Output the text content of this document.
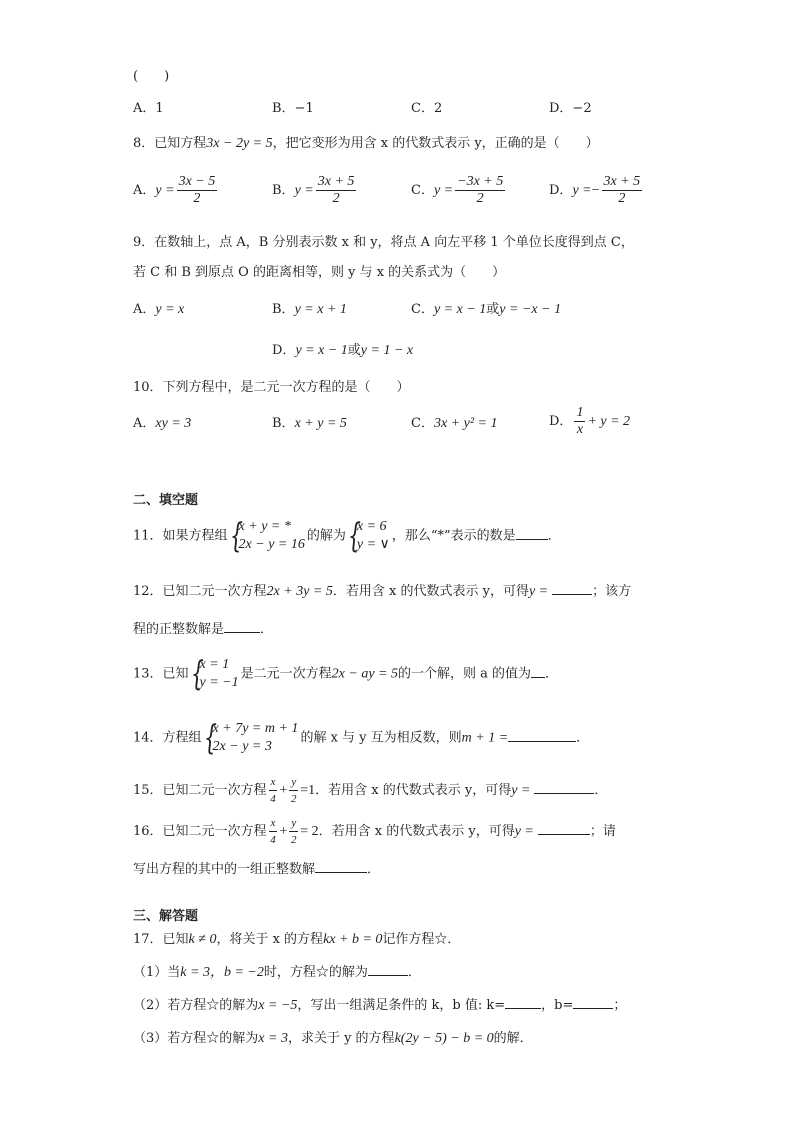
(　　)
A．1	B．−1	C．2	D．−2
8．已知方程3x − 2y = 5，把它变形为用含 x 的代数式表示 y，正确的是（　　）
A．$y = \frac{3x - 5}{2}$	B．$y = \frac{3x + 5}{2}$	C．$y = \frac{-3x + 5}{2}$	D．$y =- \frac{3x + 5}{2}$
9．在数轴上，点 A，B 分别表示数 x 和 y，将点 A 向左平移 1 个单位长度得到点 C，
若 C 和 B 到原点 O 的距离相等，则 y 与 x 的关系式为（　　）
A．y = x	B．y = x + 1	C．y = x − 1或y = −x − 1
D．y = x − 1或y = 1 − x
10．下列方程中，是二元一次方程的是（　　）
A．xy = 3	B．x + y = 5	C．3x + y² = 1	D． $\frac{1}{x} + y = 2$
二、填空题
11．如果方程组 {
x + y = *
2x − y = 16
的解为 {
x = 6
y = ∨
，那么“*”表示的数是 ．
12．已知二元一次方程2x + 3y = 5．若用含 x 的代数式表示 y，可得y =	；该方
程的正整数解是	．
13．已知 {
x = 1
y = −1
是二元一次方程2x − ay = 5的一个解，则 a 的值为 ．
14．方程组 {
x + 7y = m + 1
2x − y = 3
的解 x 与 y 互为相反数，则m + 1 =	．
15．已知二元一次方程 $\frac{x}{4} + \frac{y}{2} =1$．若用含 x 的代数式表示 y，可得y =	．
16．已知二元一次方程 $\frac{x}{4} + \frac{y}{2} = 2$．若用含 x 的代数式表示 y，可得y =	；请
写出方程的其中的一组正整数解	．
三、解答题
17．已知k ≠ 0，将关于 x 的方程kx + b = 0记作方程☆．
（1）当k = 3，b = −2时，方程☆的解为	．
（2）若方程☆的解为x = −5，写出一组满足条件的 k，b 值: k=	，b=	；
（3）若方程☆的解为x = 3，求关于 y 的方程k(2y − 5) − b = 0的解．
